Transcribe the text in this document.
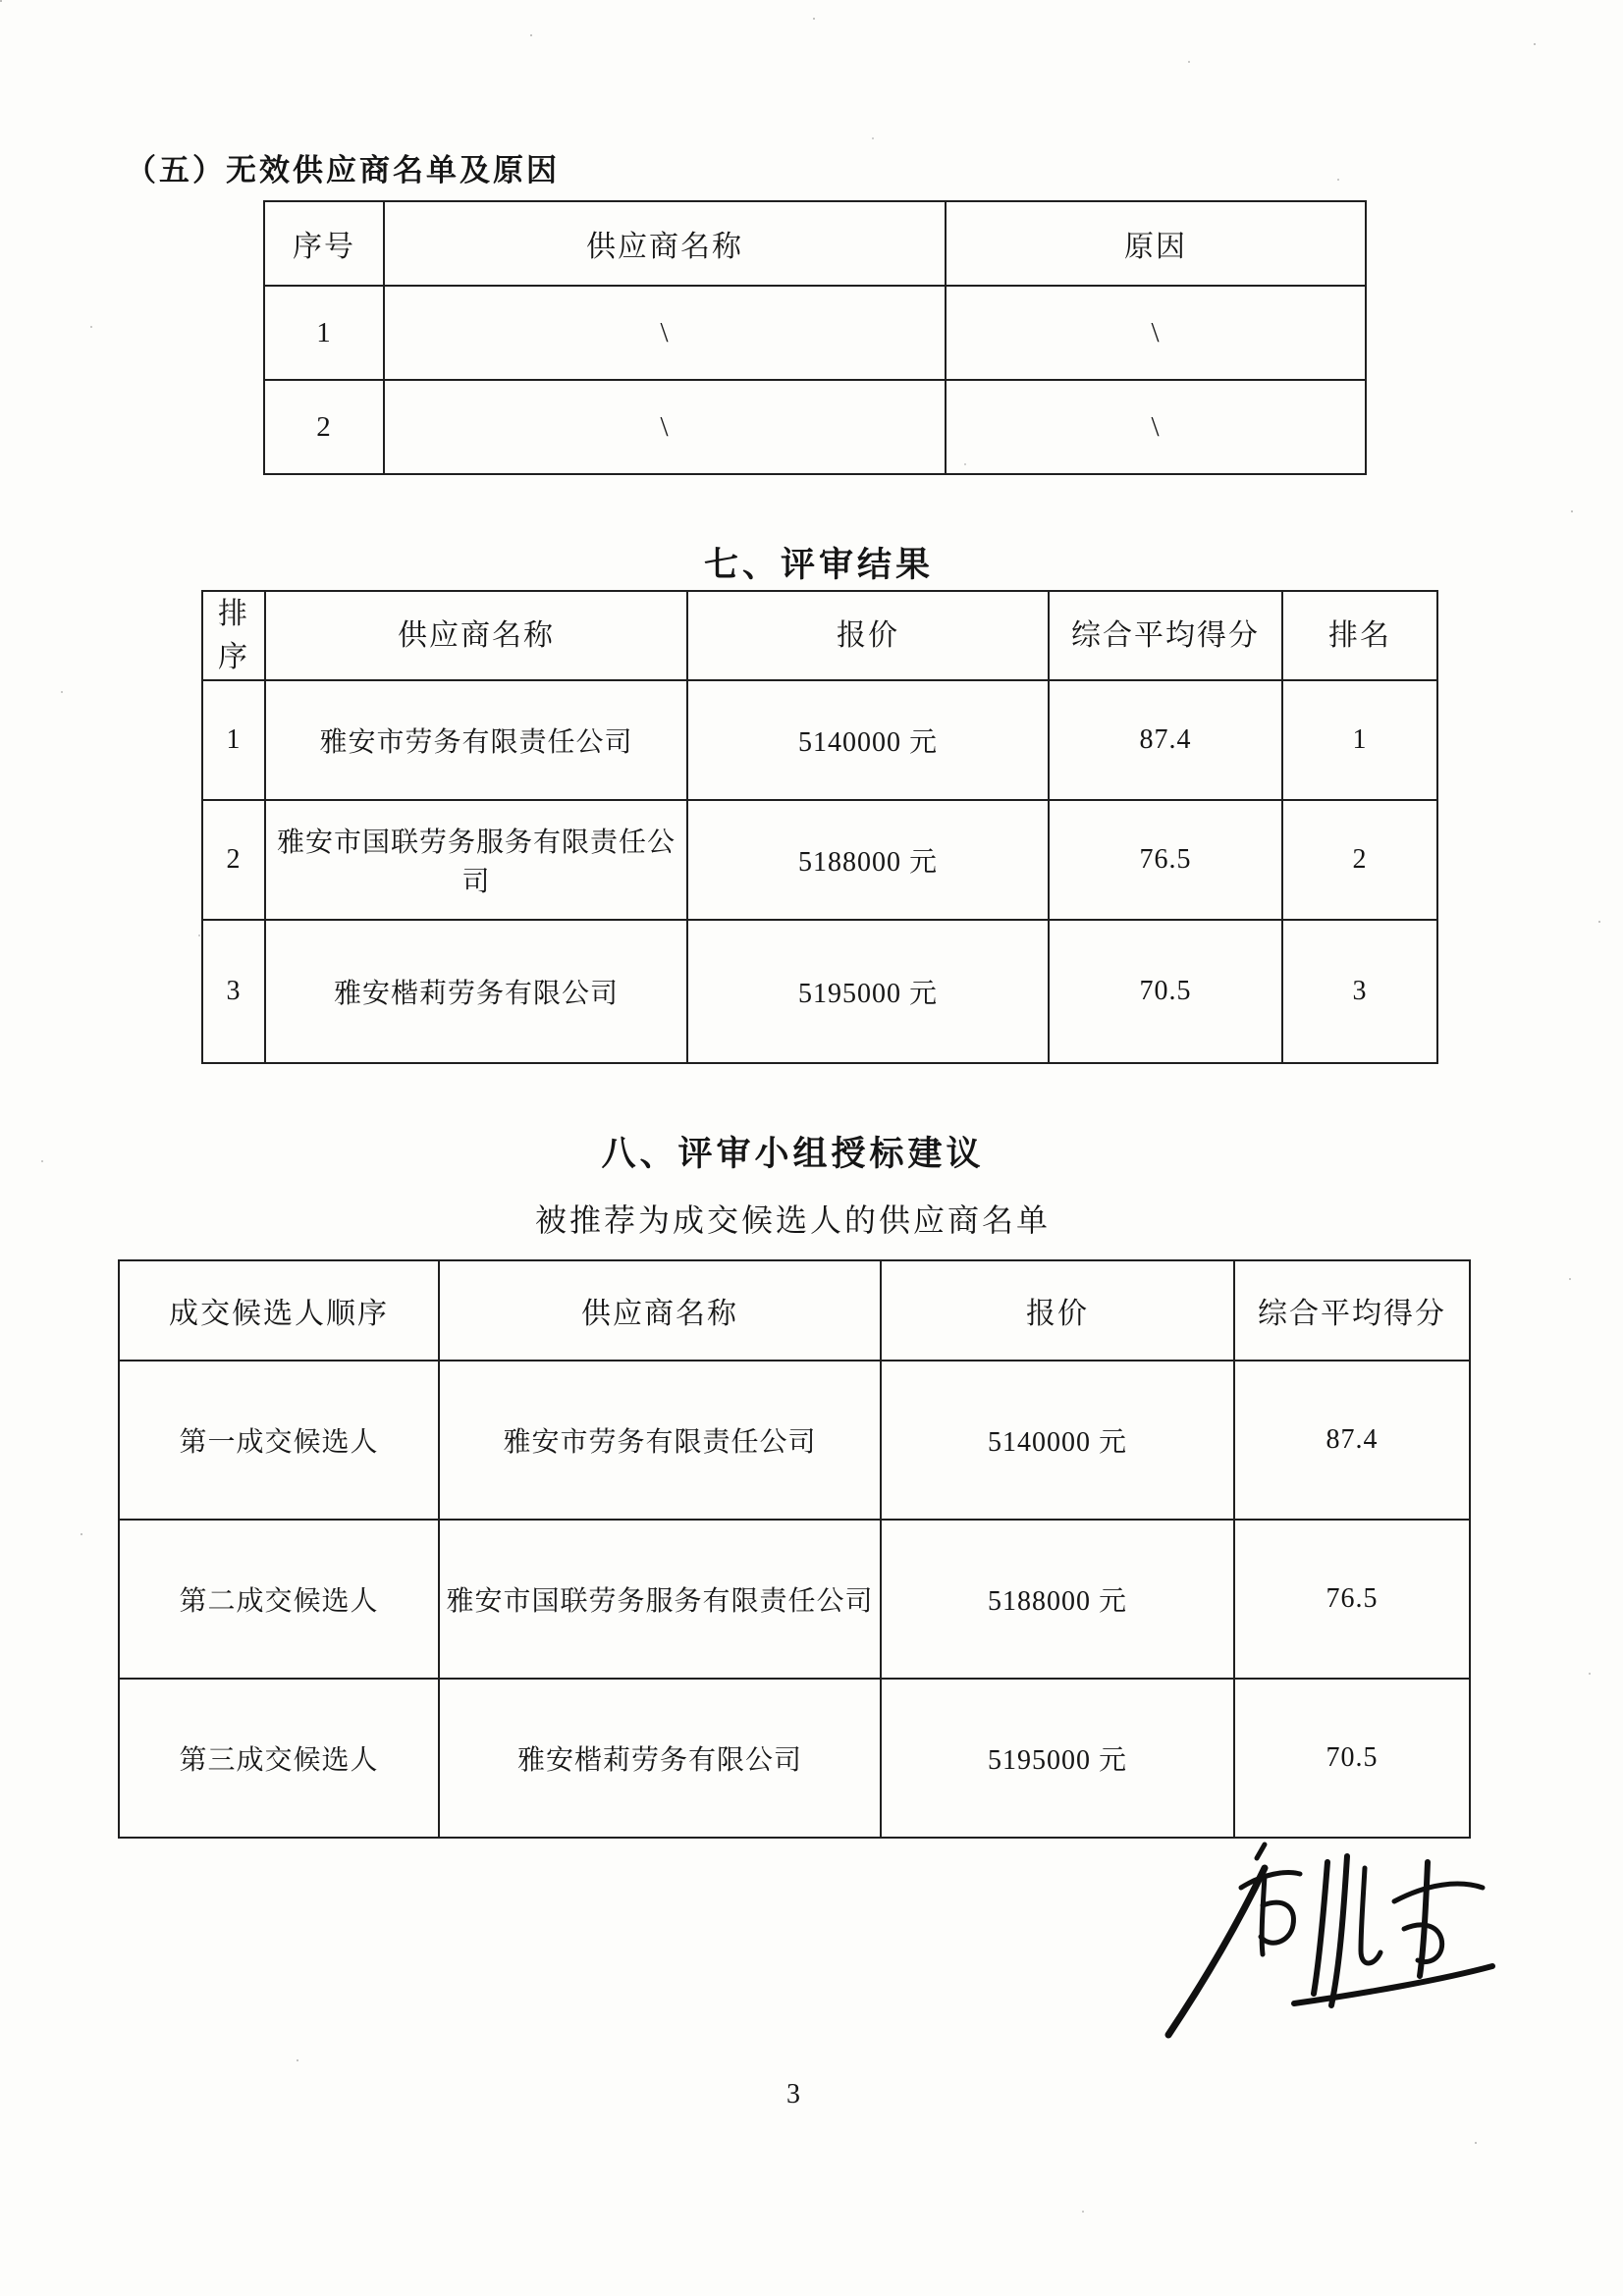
（五）无效供应商名单及原因
序号	供应商名称	原因
1	\	\
2	\	\
七、评审结果
排序	供应商名称	报价	综合平均得分	排名
1	雅安市劳务有限责任公司	5140000 元	87.4	1
2	雅安市国联劳务服务有限责任公司	5188000 元	76.5	2
3	雅安楷莉劳务有限公司	5195000 元	70.5	3
八、评审小组授标建议
被推荐为成交候选人的供应商名单
成交候选人顺序	供应商名称	报价	综合平均得分
第一成交候选人	雅安市劳务有限责任公司	5140000 元	87.4
第二成交候选人	雅安市国联劳务服务有限责任公司	5188000 元	76.5
第三成交候选人	雅安楷莉劳务有限公司	5195000 元	70.5
3
